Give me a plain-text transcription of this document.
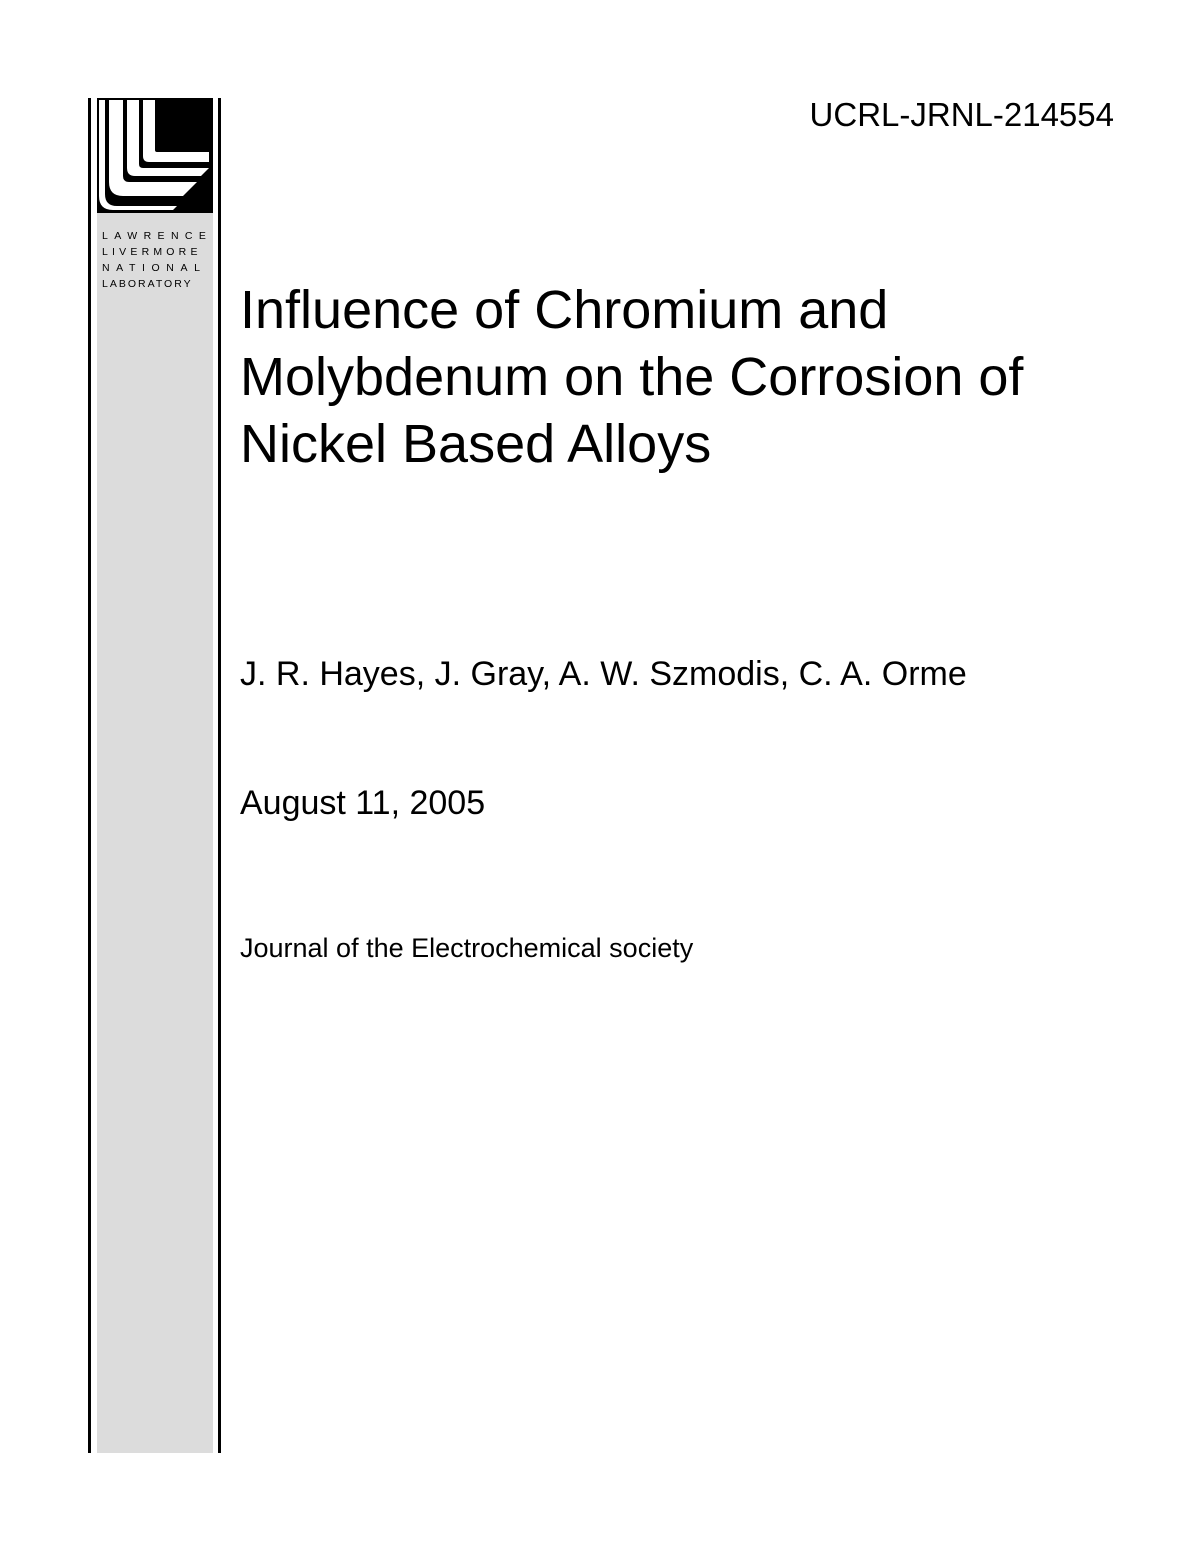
LAWRENCE
LIVERMORE
NATIONAL
LABORATORY
UCRL-JRNL-214554
Influence of Chromium and Molybdenum on the Corrosion of Nickel Based Alloys
J. R. Hayes, J. Gray, A. W. Szmodis, C. A. Orme
August 11, 2005
Journal of the Electrochemical society
